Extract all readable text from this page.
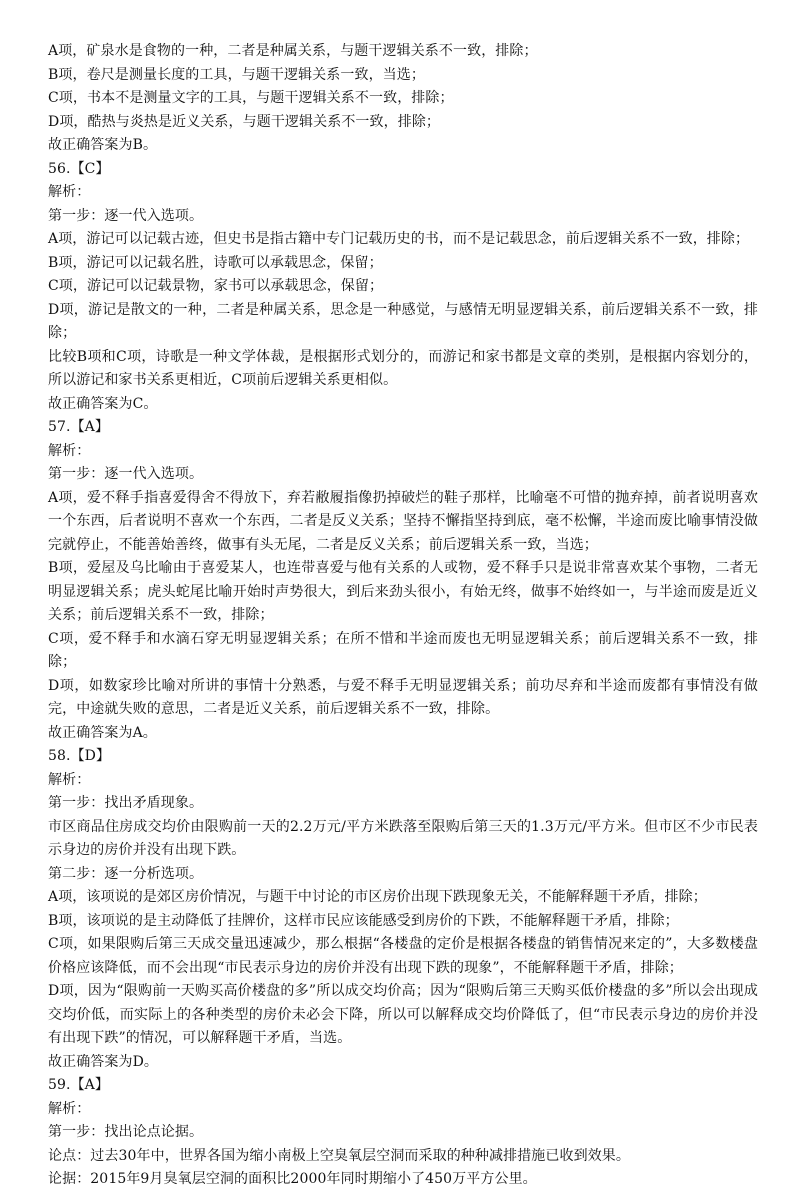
A项，矿泉水是食物的一种，二者是种属关系，与题干逻辑关系不一致，排除；
B项，卷尺是测量长度的工具，与题干逻辑关系一致，当选；
C项，书本不是测量文字的工具，与题干逻辑关系不一致，排除；
D项，酷热与炎热是近义关系，与题干逻辑关系不一致，排除；
故正确答案为B。
56.【C】
解析：
第一步：逐一代入选项。
A项，游记可以记载古迹，但史书是指古籍中专门记载历史的书，而不是记载思念，前后逻辑关系不一致，排除；
B项，游记可以记载名胜，诗歌可以承载思念，保留；
C项，游记可以记载景物，家书可以承载思念，保留；
D项，游记是散文的一种，二者是种属关系，思念是一种感觉，与感情无明显逻辑关系，前后逻辑关系不一致，排除；
比较B项和C项，诗歌是一种文学体裁，是根据形式划分的，而游记和家书都是文章的类别，是根据内容划分的，所以游记和家书关系更相近，C项前后逻辑关系更相似。
故正确答案为C。
57.【A】
解析：
第一步：逐一代入选项。
A项，爱不释手指喜爱得舍不得放下，弃若敝履指像扔掉破烂的鞋子那样，比喻毫不可惜的抛弃掉，前者说明喜欢一个东西，后者说明不喜欢一个东西，二者是反义关系；坚持不懈指坚持到底，毫不松懈，半途而废比喻事情没做完就停止，不能善始善终，做事有头无尾，二者是反义关系；前后逻辑关系一致，当选；
B项，爱屋及乌比喻由于喜爱某人，也连带喜爱与他有关系的人或物，爱不释手只是说非常喜欢某个事物，二者无明显逻辑关系；虎头蛇尾比喻开始时声势很大，到后来劲头很小，有始无终，做事不始终如一，与半途而废是近义关系；前后逻辑关系不一致，排除；
C项，爱不释手和水滴石穿无明显逻辑关系；在所不惜和半途而废也无明显逻辑关系；前后逻辑关系不一致，排除；
D项，如数家珍比喻对所讲的事情十分熟悉，与爱不释手无明显逻辑关系；前功尽弃和半途而废都有事情没有做完，中途就失败的意思，二者是近义关系，前后逻辑关系不一致，排除。
故正确答案为A。
58.【D】
解析：
第一步：找出矛盾现象。
市区商品住房成交均价由限购前一天的2.2万元/平方米跌落至限购后第三天的1.3万元/平方米。但市区不少市民表示身边的房价并没有出现下跌。
第二步：逐一分析选项。
A项，该项说的是郊区房价情况，与题干中讨论的市区房价出现下跌现象无关，不能解释题干矛盾，排除；
B项，该项说的是主动降低了挂牌价，这样市民应该能感受到房价的下跌，不能解释题干矛盾，排除；
C项，如果限购后第三天成交量迅速减少，那么根据“各楼盘的定价是根据各楼盘的销售情况来定的”，大多数楼盘价格应该降低，而不会出现“市民表示身边的房价并没有出现下跌的现象”，不能解释题干矛盾，排除；
D项，因为“限购前一天购买高价楼盘的多”所以成交均价高；因为“限购后第三天购买低价楼盘的多”所以会出现成交均价低，而实际上的各种类型的房价未必会下降，所以可以解释成交均价降低了，但“市民表示身边的房价并没有出现下跌”的情况，可以解释题干矛盾，当选。
故正确答案为D。
59.【A】
解析：
第一步：找出论点论据。
论点：过去30年中，世界各国为缩小南极上空臭氧层空洞而采取的种种减排措施已收到效果。
论据：2015年9月臭氧层空洞的面积比2000年同时期缩小了450万平方公里。
